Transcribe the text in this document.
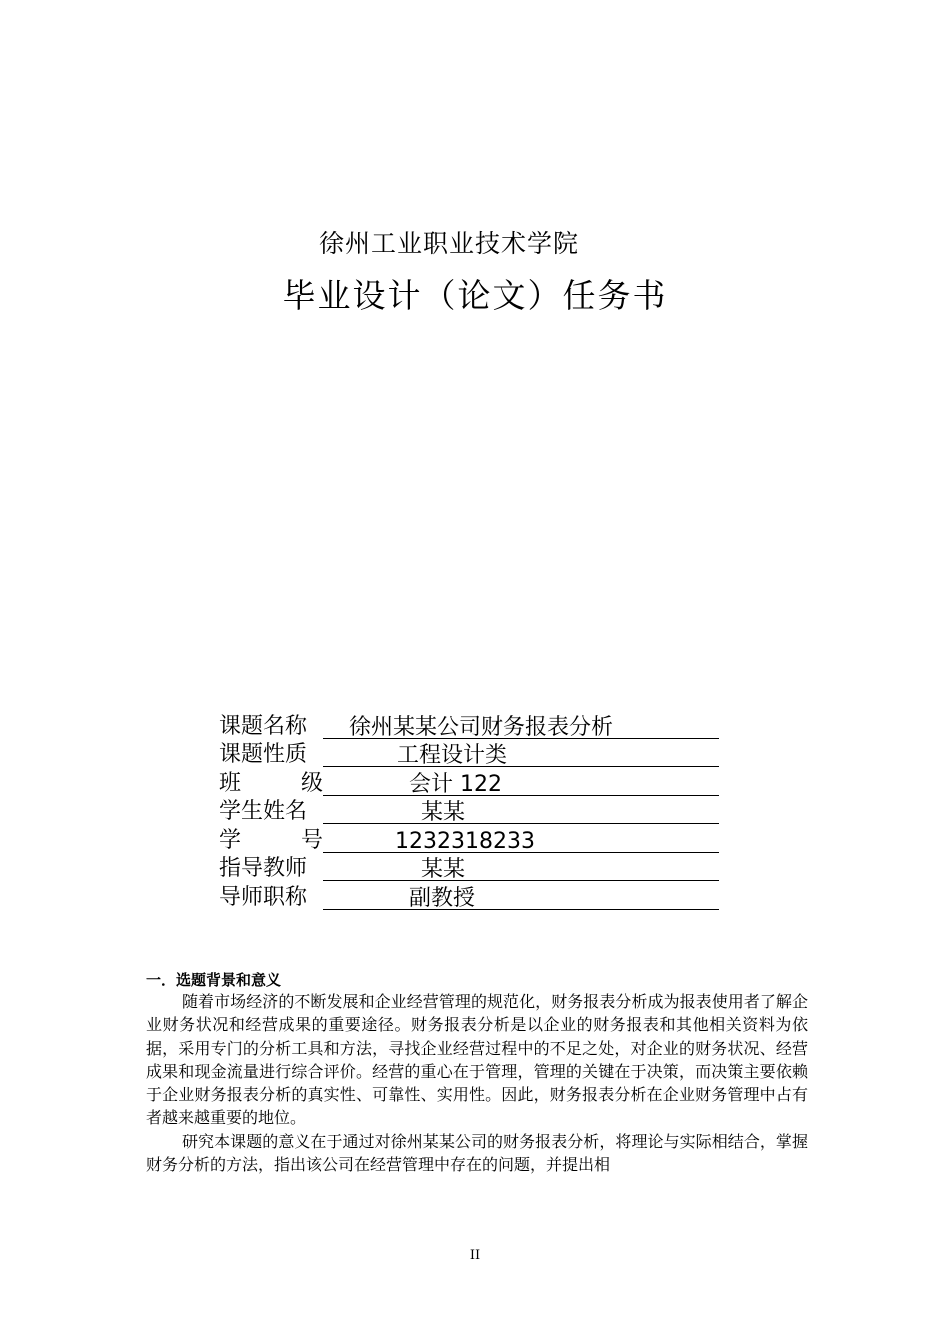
徐州工业职业技术学院
毕业设计（论文）任务书
课题名称 徐州某某公司财务报表分析
课题性质	工程设计类
班	级	会计 122
学生姓名	某某
学	号	1232318233
指导教师	某某
导师职称	副教授
一．选题背景和意义

随着市场经济的不断发展和企业经营管理的规范化，财务报表分析成为报表使用者了解企业财务状况和经营成果的重要途径。财务报表分析是以企业的财务报表和其他相关资料为依据，采用专门的分析工具和方法，寻找企业经营过程中的不足之处，对企业的财务状况、经营成果和现金流量进行综合评价。经营的重心在于管理，管理的关键在于决策，而决策主要依赖于企业财务报表分析的真实性、可靠性、实用性。因此，财务报表分析在企业财务管理中占有者越来越重要的地位。

研究本课题的意义在于通过对徐州某某公司的财务报表分析，将理论与实际相结合，掌握财务分析的方法，指出该公司在经营管理中存在的问题，并提出相

II
